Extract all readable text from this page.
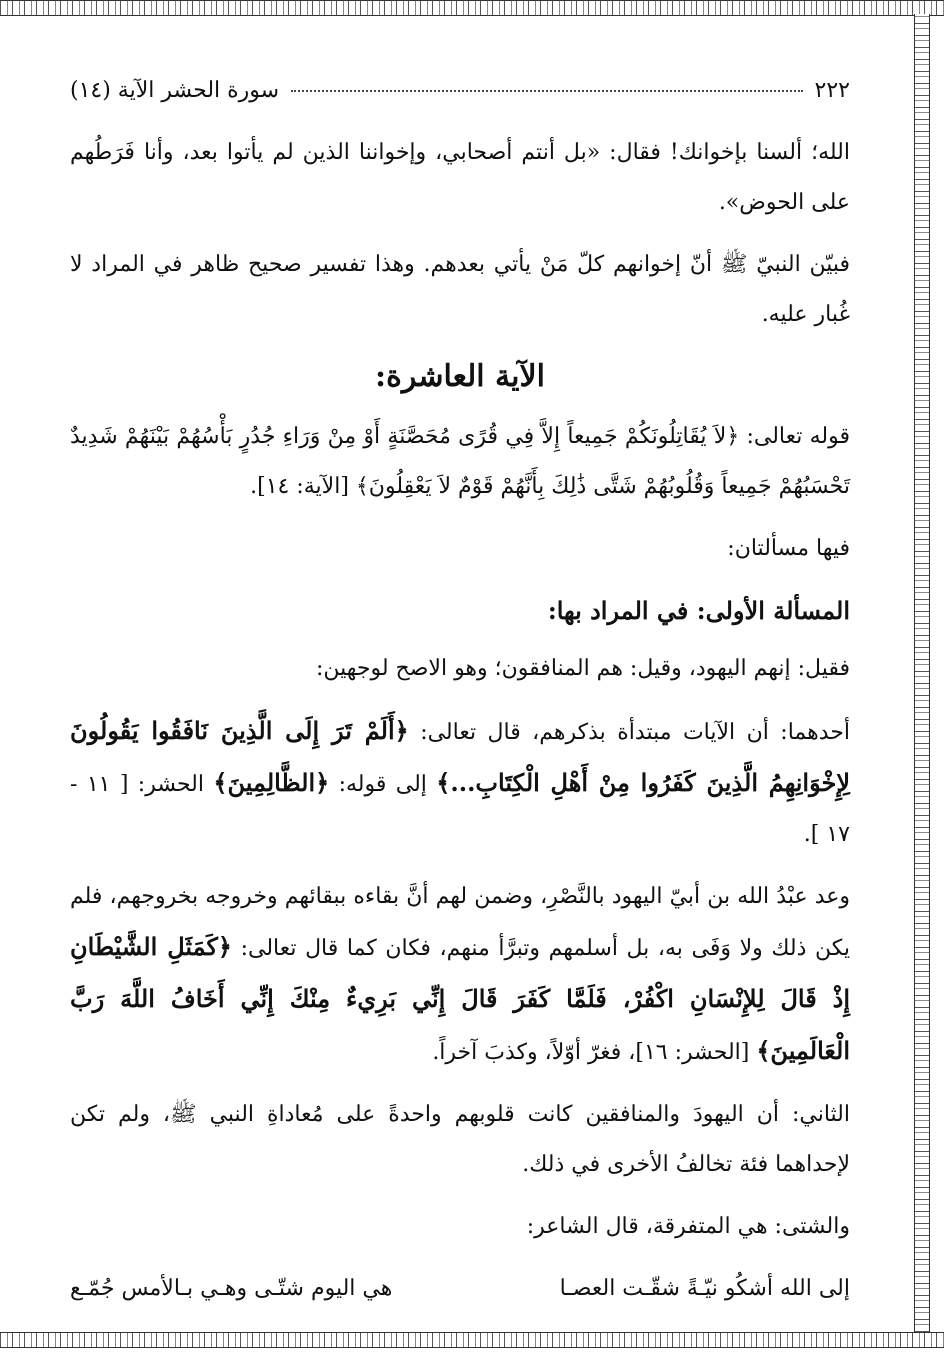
٢٢٢
سورة الحشر الآية (١٤)

الله؛ ألسنا بإخوانك! فقال: «بل أنتم أصحابي، وإخواننا الذين لم يأتوا بعد، وأنا فَرَطُهم على الحوض».

فبيّن النبيّ ﷺ أنّ إخوانهم كلّ مَنْ يأتي بعدهم. وهذا تفسير صحيح ظاهر في المراد لا غُبار عليه.

الآية العاشرة:

قوله تعالى: ﴿لاَ يُقَاتِلُونَكُمْ جَمِيعاً إِلاَّ فِي قُرًى مُحَصَّنَةٍ أَوْ مِنْ وَرَاءِ جُدُرٍ بَأْسُهُمْ بَيْنَهُمْ شَدِيدٌ تَحْسَبُهُمْ جَمِيعاً وَقُلُوبُهُمْ شَتَّى ذَٰلِكَ بِأَنَّهُمْ قَوْمٌ لاَ يَعْقِلُونَ﴾ [الآية: ١٤].

فيها مسألتان:

المسألة الأولى: في المراد بها:

فقيل: إنهم اليهود، وقيل: هم المنافقون؛ وهو الاصح لوجهين:

أحدهما: أن الآيات مبتدأة بذكرهم، قال تعالى: ﴿أَلَمْ تَرَ إِلَى الَّذِينَ نَافَقُوا يَقُولُونَ لِإِخْوَانِهِمُ الَّذِينَ كَفَرُوا مِنْ أَهْلِ الْكِتَابِ...﴾ إلى قوله: ﴿الظَّالِمِينَ﴾ الحشر: [ ١١ - ١٧ ].

وعد عبْدُ الله بن أبيّ اليهود بالنَّصْرِ، وضمن لهم أنَّ بقاءه ببقائهم وخروجه بخروجهم، فلم يكن ذلك ولا وَفَى به، بل أسلمهم وتبرَّأ منهم، فكان كما قال تعالى: ﴿كَمَثَلِ الشَّيْطَانِ إِذْ قَالَ لِلإِنْسَانِ اكْفُرْ، فَلَمَّا كَفَرَ قَالَ إِنِّي بَرِيءٌ مِنْكَ إِنِّي أَخَافُ اللَّهَ رَبَّ الْعَالَمِينَ﴾ [الحشر: ١٦]، فغرّ أوّلاً، وكذبَ آخراً.

الثاني: أن اليهودَ والمنافقين كانت قلوبهم واحدةً على مُعاداةِ النبي ﷺ، ولم تكن لإحداهما فئة تخالفُ الأخرى في ذلك.

والشتى: هي المتفرقة، قال الشاعر:

إلى الله أشكُو نيّـةً شقّـت العصـا
هي اليوم شتّـى وهـي بـالأمس جُمّـع
